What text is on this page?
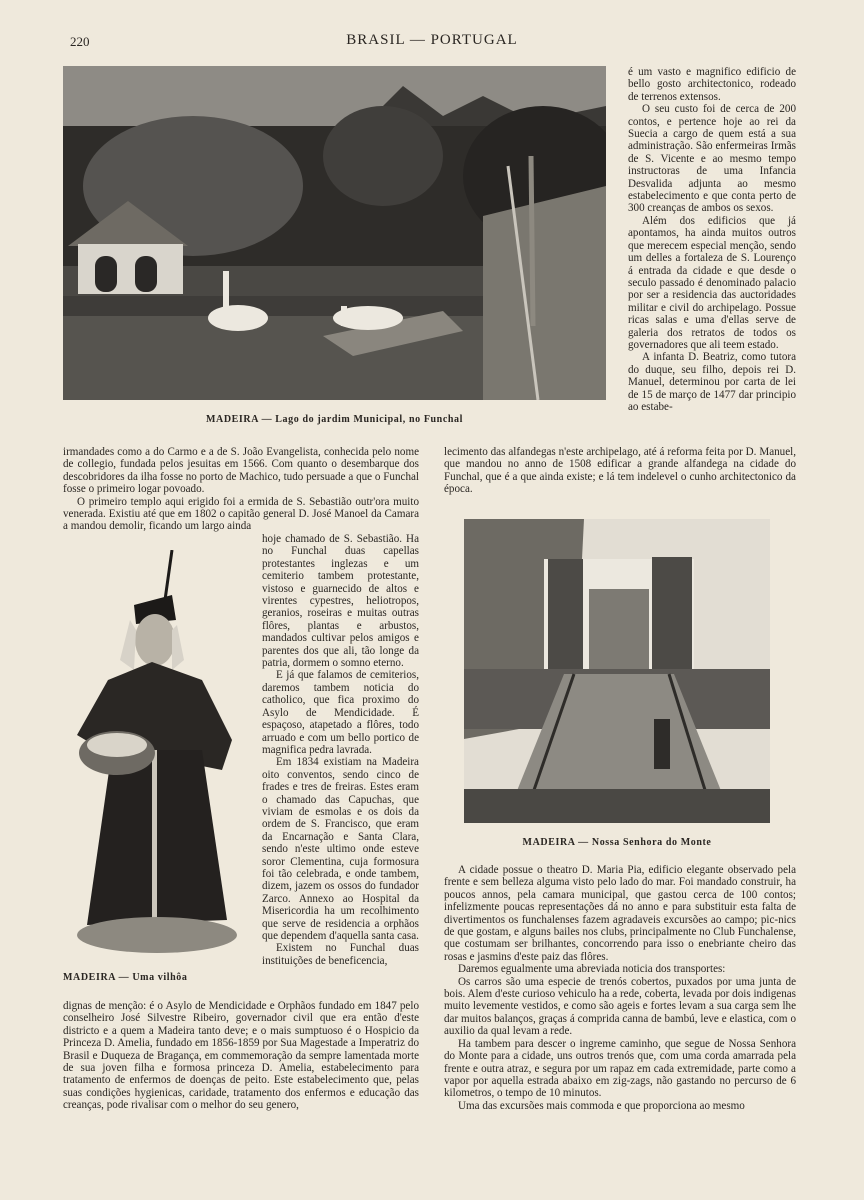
220	BRASIL — PORTUGAL
MADEIRA — Lago do jardim Municipal, no Funchal

é um vasto e magnifico edificio de bello gosto architectonico, rodeado de terrenos extensos.

O seu custo foi de cerca de 200 contos, e pertence hoje ao rei da Suecia a cargo de quem está a sua administração. São enfermeiras Irmãs de S. Vicente e ao mesmo tempo instructoras de uma Infancia Desvalida adjunta ao mesmo estabelecimento e que conta perto de 300 creanças de ambos os sexos.

Além dos edificios que já apontamos, ha ainda muitos outros que merecem especial menção, sendo um delles a fortaleza de S. Lourenço á entrada da cidade e que desde o seculo passado é denominado palacio por ser a residencia das auctoridades militar e civil do archipelago. Possue ricas salas e uma d'ellas serve de galeria dos retratos de todos os governadores que ali teem estado.

A infanta D. Beatriz, como tutora do duque, seu filho, depois rei D. Manuel, determinou por carta de lei de 15 de março de 1477 dar principio ao estabe-

lecimento das alfandegas n'este archipelago, até á reforma feita por D. Manuel, que mandou no anno de 1508 edificar a grande alfandega na cidade do Funchal, que é a que ainda existe; e lá tem indelevel o cunho architectonico da época.

irmandades como a do Carmo e a de S. João Evangelista, conhecida pelo nome de collegio, fundada pelos jesuitas em 1566. Com quanto o desembarque dos descobridores da ilha fosse no porto de Machico, tudo persuade a que o Funchal fosse o primeiro logar povoado.

O primeiro templo aqui erigido foi a ermida de S. Sebastião outr'ora muito venerada. Existiu até que em 1802 o capitão general D. José Manoel da Camara a mandou demolir, ficando um largo ainda

MADEIRA — Uma vilhôa

hoje chamado de S. Sebastião. Ha no Funchal duas capellas protestantes inglezas e um cemiterio tambem protestante, vistoso e guarnecido de altos e virentes cypestres, heliotropos, geranios, roseiras e muitas outras flôres, plantas e arbustos, mandados cultivar pelos amigos e parentes dos que ali, tão longe da patria, dormem o somno eterno.

E já que falamos de cemiterios, daremos tambem noticia do catholico, que fica proximo do Asylo de Mendicidade. É espaçoso, atapetado a flôres, todo arruado e com um bello portico de magnifica pedra lavrada.

Em 1834 existiam na Madeira oito conventos, sendo cinco de frades e tres de freiras. Estes eram o chamado das Capuchas, que viviam de esmolas e os dois da ordem de S. Francisco, que eram da Encarnação e Santa Clara, sendo n'este ultimo onde esteve soror Clementina, cuja formosura foi tão celebrada, e onde tambem, dizem, jazem os ossos do fundador Zarco. Annexo ao Hospital da Misericordia ha um recolhimento que serve de residencia a orphãos que dependem d'aquella santa casa.

Existem no Funchal duas instituições de beneficencia,

dignas de menção: é o Asylo de Mendicidade e Orphãos fundado em 1847 pelo conselheiro José Silvestre Ribeiro, governador civil que era então d'este districto e a quem a Madeira tanto deve; e o mais sumptuoso é o Hospicio da Princeza D. Amelia, fundado em 1856-1859 por Sua Magestade a Imperatriz do Brasil e Duqueza de Bragança, em commemoração da sempre lamentada morte de sua joven filha e formosa princeza D. Amelia, estabelecimento para tratamento de enfermos de doenças de peito. Este estabelecimento que, pelas suas condições hygienicas, caridade, tratamento dos enfermos e educação das creanças, pode rivalisar com o melhor do seu genero,

MADEIRA — Nossa Senhora do Monte

A cidade possue o theatro D. Maria Pia, edificio elegante observado pela frente e sem belleza alguma visto pelo lado do mar. Foi mandado construir, ha poucos annos, pela camara municipal, que gastou cerca de 100 contos; infelizmente poucas representações dá no anno e para substituir esta falta de divertimentos os funchalenses fazem agradaveis excursões ao campo; pic-nics de que gostam, e alguns bailes nos clubs, principalmente no Club Funchalense, que costumam ser brilhantes, concorrendo para isso o enebriante cheiro das rosas e jasmins d'este paiz das flôres.

Daremos egualmente uma abreviada noticia dos transportes:

Os carros são uma especie de trenós cobertos, puxados por uma junta de bois. Alem d'este curioso vehiculo ha a rede, coberta, levada por dois indigenas muito levemente vestidos, e como são ageis e fortes levam a sua carga sem lhe dar muitos balanços, graças á comprida canna de bambú, leve e elastica, com o auxilio da qual levam a rede.

Ha tambem para descer o ingreme caminho, que segue de Nossa Senhora do Monte para a cidade, uns outros trenós que, com uma corda amarrada pela frente e outra atraz, e segura por um rapaz em cada extremidade, parte como a vapor por aquella estrada abaixo em zig-zags, não gastando no percurso de 6 kilometros, o tempo de 10 minutos.

Uma das excursões mais commoda e que proporciona ao mesmo
